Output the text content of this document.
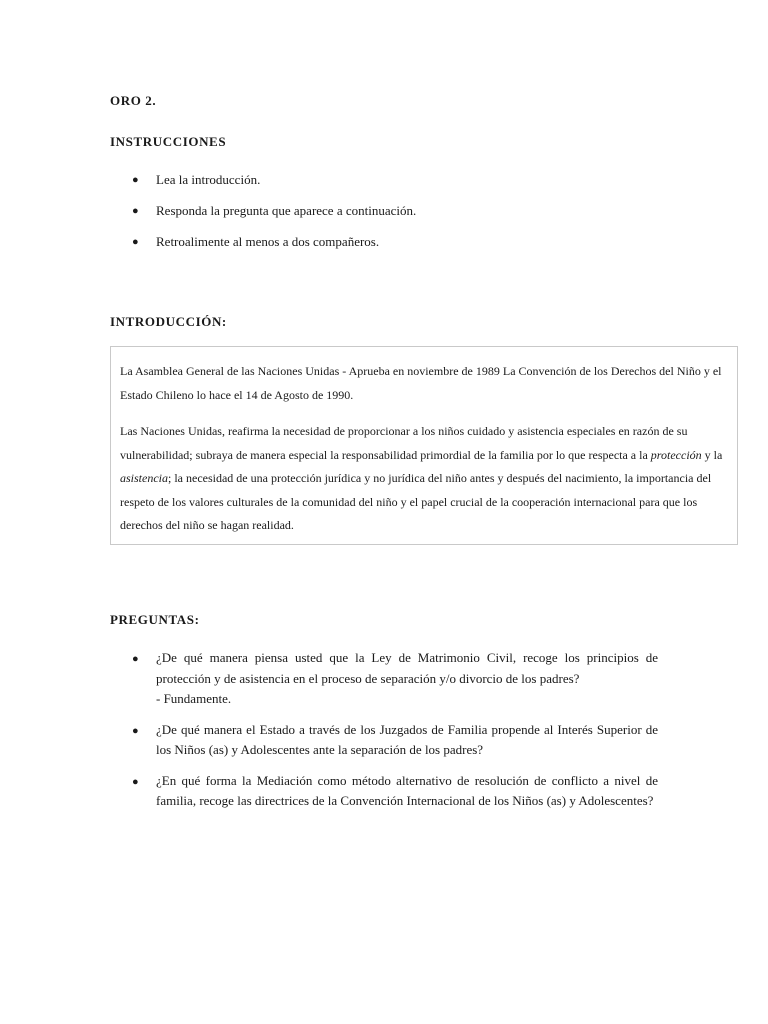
ORO 2.
INSTRUCCIONES
● Lea la introducción.
● Responda la pregunta que aparece a continuación.
● Retroalimente al menos a dos compañeros.
INTRODUCCIÓN:

La Asamblea General de las Naciones Unidas - Aprueba en noviembre de 1989 La Convención de los Derechos del Niño y el Estado Chileno lo hace el 14 de Agosto de 1990.

Las Naciones Unidas, reafirma la necesidad de proporcionar a los niños cuidado y asistencia especiales en razón de su vulnerabilidad; subraya de manera especial la responsabilidad primordial de la familia por lo que respecta a la protección y la asistencia; la necesidad de una protección jurídica y no jurídica del niño antes y después del nacimiento, la importancia del respeto de los valores culturales de la comunidad del niño y el papel crucial de la cooperación internacional para que los derechos del niño se hagan realidad.

PREGUNTAS:
● ¿De qué manera piensa usted que la Ley de Matrimonio Civil, recoge los principios de protección y de asistencia en el proceso de separación y/o divorcio de los padres?
- Fundamente.
● ¿De qué manera el Estado a través de los Juzgados de Familia propende al Interés Superior de los Niños (as) y Adolescentes ante la separación de los padres?
● ¿En qué forma la Mediación como método alternativo de resolución de conflicto a nivel de familia, recoge las directrices de la Convención Internacional de los Niños (as) y Adolescentes?
